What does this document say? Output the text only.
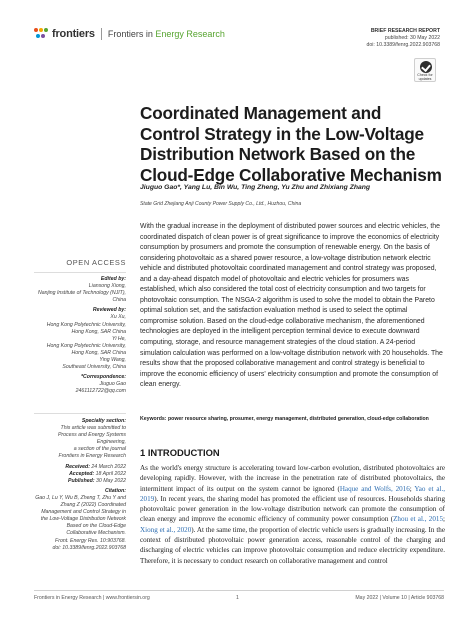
frontiers Frontiers in Energy Research	BRIEF RESEARCH REPORT
published: 30 May 2022
doi: 10.3389/fenrg.2022.903768
Check for updates
Coordinated Management and Control Strategy in the Low-Voltage Distribution Network Based on the Cloud-Edge Collaborative Mechanism
Jiuguo Gao*, Yang Lu, Bin Wu, Ting Zheng, Yu Zhu and Zhixiang Zhang
State Grid Zhejiang Anji County Power Supply Co., Ltd., Huzhou, China

With the gradual increase in the deployment of distributed power sources and electric vehicles, the coordinated dispatch of clean power is of great significance to improve the economics of electricity consumption by prosumers and promote the consumption of renewable energy. On the basis of considering photovoltaic as a shared power resource, a low-voltage distribution network electric vehicle and distributed photovoltaic coordinated management and control strategy was proposed, and a day-ahead dispatch model of photovoltaic and electric vehicles for prosumers was established, which also considered the total cost of electricity consumption and two targets for photovoltaic consumption. The NSGA-2 algorithm is used to solve the model to obtain the Pareto optimal solution set, and the satisfaction evaluation method is used to select the optimal compromise solution. Based on the cloud-edge collaborative mechanism, the aforementioned technologies are deployed in the intelligent perception terminal device to execute downward computing, storage, and resource management strategies of the cloud station. A 24-period simulation calculation was performed on a low-voltage distribution network with 20 households. The results show that the proposed collaborative management and control strategy is beneficial to improve the economic efficiency of users' electricity consumption and promote the consumption of clean energy.

Keywords: power resource sharing, prosumer, energy management, distributed generation, cloud-edge collaboration

1 INTRODUCTION

As the world's energy structure is accelerating toward low-carbon evolution, distributed photovoltaics are developing rapidly. However, with the increase in the penetration rate of distributed photovoltaics, the intermittent impact of its output on the system cannot be ignored (Haque and Wolfs, 2016; Yao et al., 2019). In recent years, the sharing model has promoted the efficient use of resources. Households sharing photovoltaic power generation in the low-voltage distribution network can promote the consumption of clean energy and improve the economic efficiency of community power consumption (Zhou et al., 2015; Xiong et al., 2020). At the same time, the proportion of electric vehicle users is gradually increasing. In the context of distributed photovoltaic power generation access, reasonable control of the charging and discharging of electric vehicles can improve photovoltaic consumption and reduce electricity expenditure. Therefore, it is necessary to conduct research on collaborative management and control

OPEN ACCESS
Edited by:
Liansong Xiong,
Nanjing Institute of Technology (NJIT),
China
Reviewed by:
Xu Xu,
Hong Kong Polytechnic University,
Hong Kong, SAR China
Yi He,
Hong Kong Polytechnic University,
Hong Kong, SAR China
Ying Wang,
Southeast University, China
*Correspondence:
Jiuguo Gao
2461112722@qq.com
Specialty section:
This article was submitted to
Process and Energy Systems
Engineering,
a section of the journal
Frontiers in Energy Research
Received: 24 March 2022
Accepted: 18 April 2022
Published: 30 May 2022
Citation:
Gao J, Lu Y, Wu B, Zheng T, Zhu Y and
Zhang Z (2022) Coordinated
Management and Control Strategy in
the Low-Voltage Distribution Network
Based on the Cloud-Edge
Collaborative Mechanism.
Front. Energy Res. 10:903768.
doi: 10.3389/fenrg.2022.903768
Frontiers in Energy Research | www.frontiersin.org	1	May 2022 | Volume 10 | Article 903768
